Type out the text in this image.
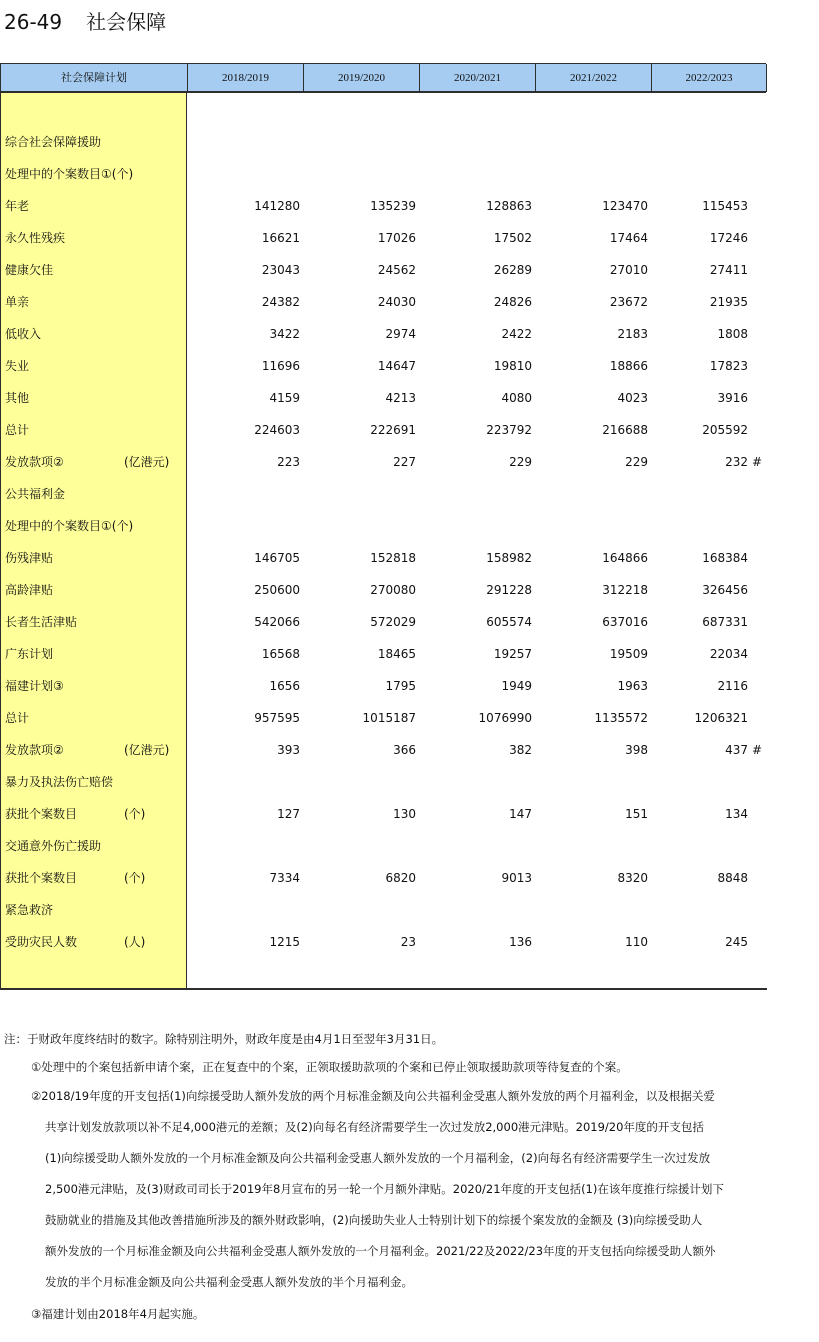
26-49 社会保障
社会保障计划	2018/2019	2019/2020	2020/2021	2021/2022	2022/2023
综合社会保障援助
处理中的个案数目①(个)
年老	141280	135239	128863	123470	115453
永久性残疾	16621	17026	17502	17464	17246
健康欠佳	23043	24562	26289	27010	27411
单亲	24382	24030	24826	23672	21935
低收入	3422	2974	2422	2183	1808
失业	11696	14647	19810	18866	17823
其他	4159	4213	4080	4023	3916
总计	224603	222691	223792	216688	205592
发放款项②	(亿港元)	223	227	229	229	232 #
公共福利金
处理中的个案数目①(个)
伤残津贴	146705	152818	158982	164866	168384
高龄津贴	250600	270080	291228	312218	326456
长者生活津贴	542066	572029	605574	637016	687331
广东计划	16568	18465	19257	19509	22034
福建计划③	1656	1795	1949	1963	2116
总计	957595	1015187	1076990	1135572	1206321
发放款项②	(亿港元)	393	366	382	398	437 #
暴力及执法伤亡赔偿
获批个案数目	(个)	127	130	147	151	134
交通意外伤亡援助
获批个案数目	(个)	7334	6820	9013	8320	8848
紧急救济
受助灾民人数	(人)	1215	23	136	110	245
注：于财政年度终结时的数字。除特别注明外，财政年度是由4月1日至翌年3月31日。
①处理中的个案包括新申请个案，正在复查中的个案，正领取援助款项的个案和已停止领取援助款项等待复查的个案。
②2018/19年度的开支包括(1)向综援受助人额外发放的两个月标准金额及向公共福利金受惠人额外发放的两个月福利金，以及根据关爱
共享计划发放款项以补不足4,000港元的差额；及(2)向每名有经济需要学生一次过发放2,000港元津贴。2019/20年度的开支包括
(1)向综援受助人额外发放的一个月标准金额及向公共福利金受惠人额外发放的一个月福利金，(2)向每名有经济需要学生一次过发放
2,500港元津贴，及(3)财政司司长于2019年8月宣布的另一轮一个月额外津贴。2020/21年度的开支包括(1)在该年度推行综援计划下
鼓励就业的措施及其他改善措施所涉及的额外财政影响，(2)向援助失业人士特别计划下的综援个案发放的金额及 (3)向综援受助人
额外发放的一个月标准金额及向公共福利金受惠人额外发放的一个月福利金。2021/22及2022/23年度的开支包括向综援受助人额外
发放的半个月标准金额及向公共福利金受惠人额外发放的半个月福利金。
③福建计划由2018年4月起实施。
